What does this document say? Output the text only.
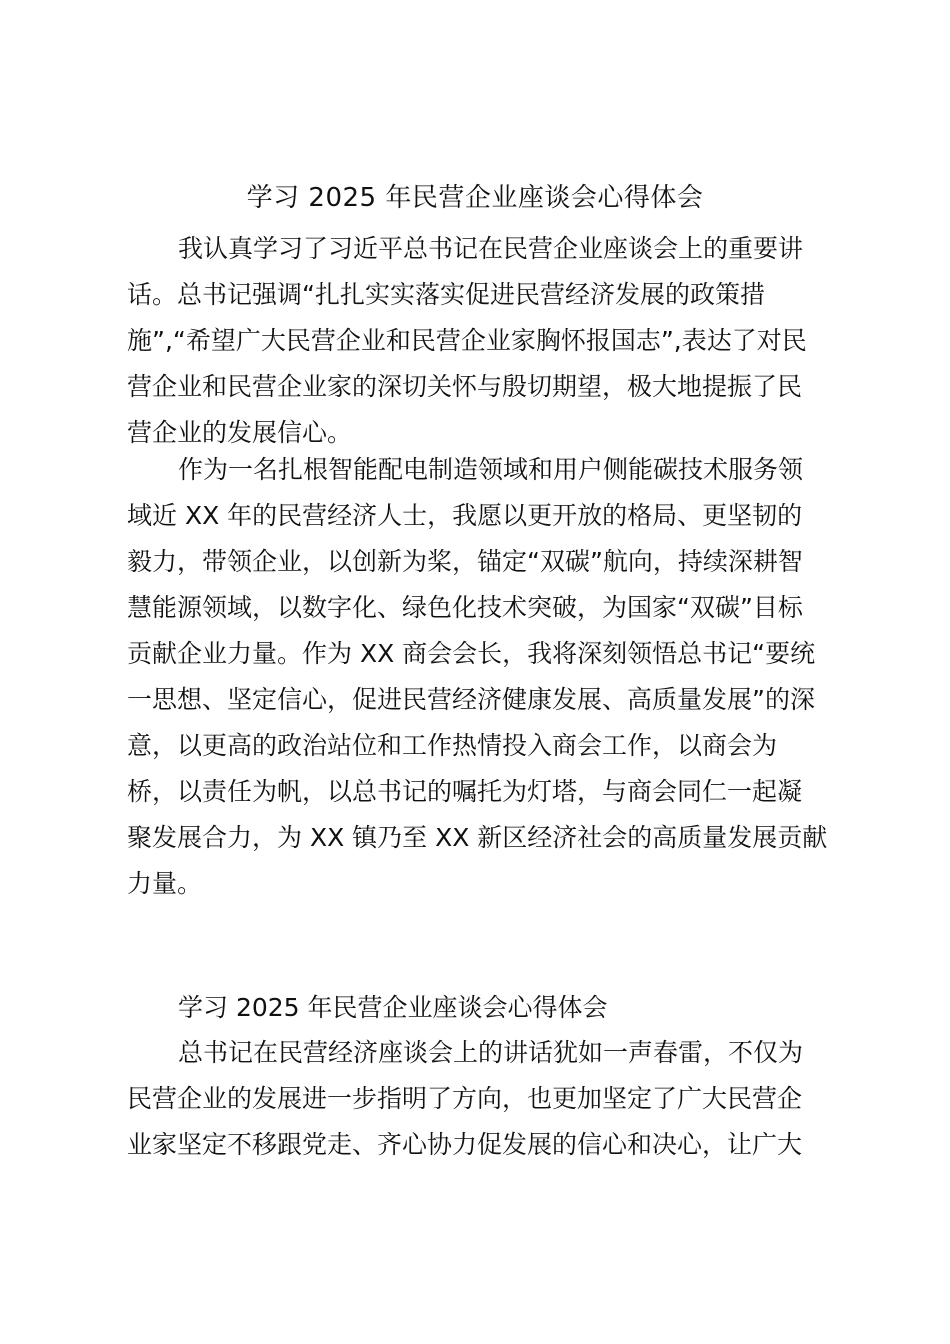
学习 2025 年民营企业座谈会心得体会
我认真学习了习近平总书记在民营企业座谈会上的重要讲
话。总书记强调“扎扎实实落实促进民营经济发展的政策措
施”,“希望广大民营企业和民营企业家胸怀报国志”,表达了对民
营企业和民营企业家的深切关怀与殷切期望，极大地提振了民
营企业的发展信心。
作为一名扎根智能配电制造领域和用户侧能碳技术服务领
域近 XX 年的民营经济人士，我愿以更开放的格局、更坚韧的
毅力，带领企业，以创新为桨，锚定“双碳”航向，持续深耕智
慧能源领域，以数字化、绿色化技术突破，为国家“双碳”目标
贡献企业力量。作为 XX 商会会长，我将深刻领悟总书记“要统
一思想、坚定信心，促进民营经济健康发展、高质量发展”的深
意，以更高的政治站位和工作热情投入商会工作，以商会为
桥，以责任为帆，以总书记的嘱托为灯塔，与商会同仁一起凝
聚发展合力，为 XX 镇乃至 XX 新区经济社会的高质量发展贡献
力量。
学习 2025 年民营企业座谈会心得体会
总书记在民营经济座谈会上的讲话犹如一声春雷，不仅为
民营企业的发展进一步指明了方向，也更加坚定了广大民营企
业家坚定不移跟党走、齐心协力促发展的信心和决心，让广大
